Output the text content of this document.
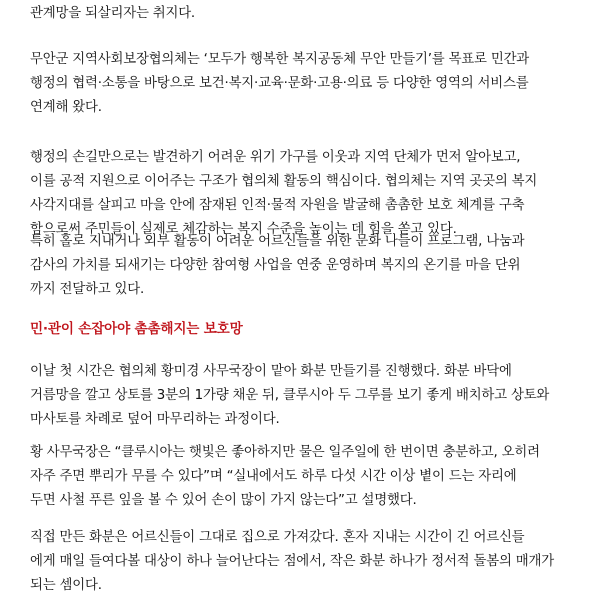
관계망을 되살리자는 취지다.

무안군 지역사회보장협의체는 ‘모두가 행복한 복지공동체 무안 만들기’를 목표로 민간과
행정의 협력·소통을 바탕으로 보건·복지·교육·문화·고용·의료 등 다양한 영역의 서비스를
연계해 왔다.

행정의 손길만으로는 발견하기 어려운 위기 가구를 이웃과 지역 단체가 먼저 알아보고,
이를 공적 지원으로 이어주는 구조가 협의체 활동의 핵심이다. 협의체는 지역 곳곳의 복지
사각지대를 살피고 마을 안에 잠재된 인적·물적 자원을 발굴해 촘촘한 보호 체계를 구축
함으로써 주민들이 실제로 체감하는 복지 수준을 높이는 데 힘을 쏟고 있다.

특히 홀로 지내거나 외부 활동이 어려운 어르신들을 위한 문화 나들이 프로그램, 나눔과
감사의 가치를 되새기는 다양한 참여형 사업을 연중 운영하며 복지의 온기를 마을 단위
까지 전달하고 있다.

민·관이 손잡아야 촘촘해지는 보호망

이날 첫 시간은 협의체 황미경 사무국장이 맡아 화분 만들기를 진행했다. 화분 바닥에
거름망을 깔고 상토를 3분의 1가량 채운 뒤, 클루시아 두 그루를 보기 좋게 배치하고 상토와
마사토를 차례로 덮어 마무리하는 과정이다.

황 사무국장은 “클루시아는 햇빛은 좋아하지만 물은 일주일에 한 번이면 충분하고, 오히려
자주 주면 뿌리가 무를 수 있다”며 “실내에서도 하루 다섯 시간 이상 볕이 드는 자리에
두면 사철 푸른 잎을 볼 수 있어 손이 많이 가지 않는다”고 설명했다.

직접 만든 화분은 어르신들이 그대로 집으로 가져갔다. 혼자 지내는 시간이 긴 어르신들
에게 매일 들여다볼 대상이 하나 늘어난다는 점에서, 작은 화분 하나가 정서적 돌봄의 매개가
되는 셈이다.
